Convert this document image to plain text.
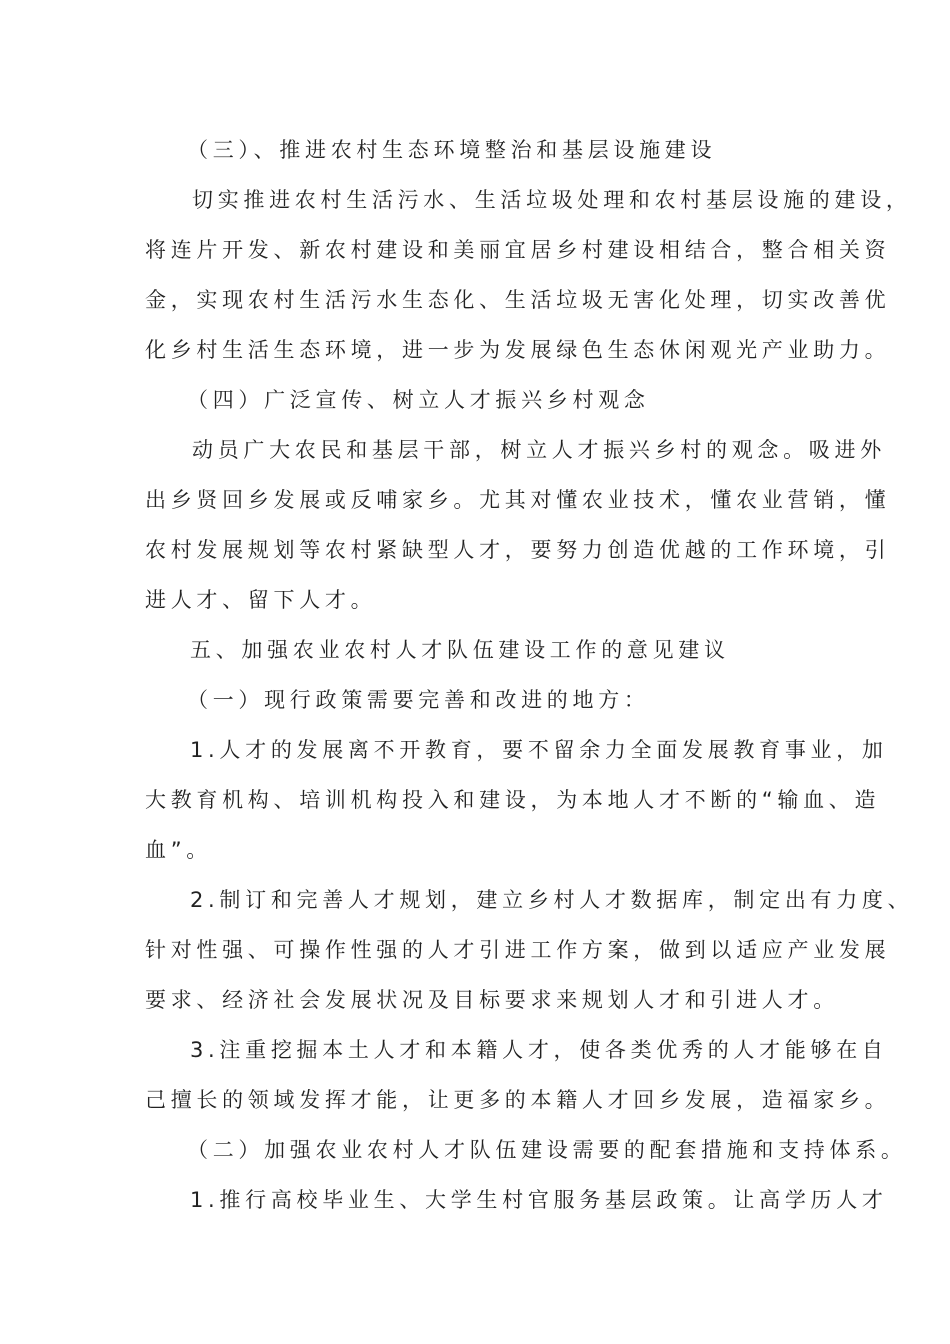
（三）、推进农村生态环境整治和基层设施建设

切实推进农村生活污水、生活垃圾处理和农村基层设施的建设，

将连片开发、新农村建设和美丽宜居乡村建设相结合，整合相关资

金，实现农村生活污水生态化、生活垃圾无害化处理，切实改善优

化乡村生活生态环境，进一步为发展绿色生态休闲观光产业助力。

（四）广泛宣传、树立人才振兴乡村观念

动员广大农民和基层干部，树立人才振兴乡村的观念。吸进外

出乡贤回乡发展或反哺家乡。尤其对懂农业技术，懂农业营销，懂

农村发展规划等农村紧缺型人才，要努力创造优越的工作环境，引

进人才、留下人才。

五、加强农业农村人才队伍建设工作的意见建议

（一）现行政策需要完善和改进的地方：

1.人才的发展离不开教育，要不留余力全面发展教育事业，加

大教育机构、培训机构投入和建设，为本地人才不断的“输血、造

血”。

2.制订和完善人才规划，建立乡村人才数据库，制定出有力度、

针对性强、可操作性强的人才引进工作方案，做到以适应产业发展

要求、经济社会发展状况及目标要求来规划人才和引进人才。

3.注重挖掘本土人才和本籍人才，使各类优秀的人才能够在自

己擅长的领域发挥才能，让更多的本籍人才回乡发展，造福家乡。

（二）加强农业农村人才队伍建设需要的配套措施和支持体系。

1.推行高校毕业生、大学生村官服务基层政策。让高学历人才
